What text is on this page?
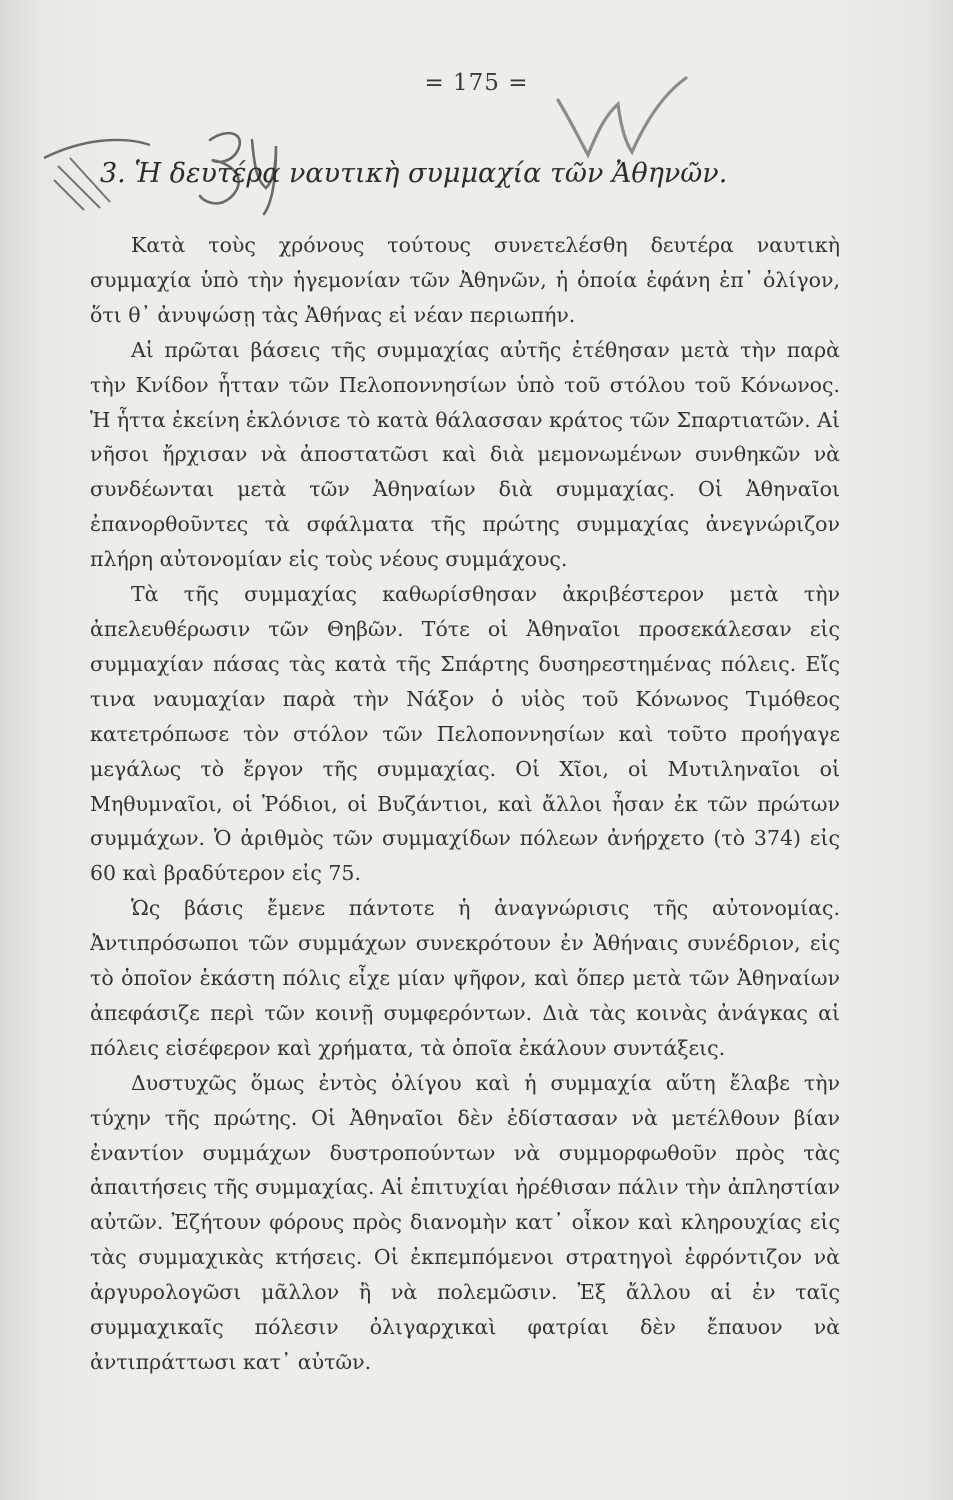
= 175 =
3. Ἡ δευτέρα ναυτικὴ συμμαχία τῶν Ἀθηνῶν.

Κατὰ τοὺς χρόνους τούτους συνετελέσθη δευτέρα ναυτικὴ συμμαχία ὑπὸ τὴν ἡγεμονίαν τῶν Ἀθηνῶν, ἡ ὁποία ἐφάνη ἐπ᾽ ὀλίγον, ὅτι θ᾽ ἀνυψώσῃ τὰς Ἀθήνας εἰ νέαν περιωπήν.

Αἱ πρῶται βάσεις τῆς συμμαχίας αὐτῆς ἐτέθησαν μετὰ τὴν παρὰ τὴν Κνίδον ἧτταν τῶν Πελοποννησίων ὑπὸ τοῦ στόλου τοῦ Κόνωνος. Ἡ ἧττα ἐκείνη ἐκλόνισε τὸ κατὰ θάλασσαν κράτος τῶν Σπαρτιατῶν. Αἱ νῆσοι ἤρχισαν νὰ ἀποστατῶσι καὶ διὰ μεμονωμένων συνθηκῶν νὰ συνδέωνται μετὰ τῶν Ἀθηναίων διὰ συμμαχίας. Οἱ Ἀθηναῖοι ἐπανορθοῦντες τὰ σφάλματα τῆς πρώτης συμμαχίας ἀνεγνώριζον πλήρη αὐτονομίαν εἰς τοὺς νέους συμμάχους.

Τὰ τῆς συμμαχίας καθωρίσθησαν ἀκριβέστερον μετὰ τὴν ἀπελευθέρωσιν τῶν Θηβῶν. Τότε οἱ Ἀθηναῖοι προσεκάλεσαν εἰς συμμαχίαν πάσας τὰς κατὰ τῆς Σπάρτης δυσηρεστημένας πόλεις. Εἴς τινα ναυμαχίαν παρὰ τὴν Νάξον ὁ υἱὸς τοῦ Κόνωνος Τιμόθεος κατετρόπωσε τὸν στόλον τῶν Πελοποννησίων καὶ τοῦτο προήγαγε μεγάλως τὸ ἔργον τῆς συμμαχίας. Οἱ Χῖοι, οἱ Μυτιληναῖοι οἱ Μηθυμναῖοι, οἱ Ῥόδιοι, οἱ Βυζάντιοι, καὶ ἄλλοι ἦσαν ἐκ τῶν πρώτων συμμάχων. Ὁ ἀριθμὸς τῶν συμμαχίδων πόλεων ἀνήρχετο (τὸ 374) εἰς 60 καὶ βραδύτερον εἰς 75.

Ὡς βάσις ἔμενε πάντοτε ἡ ἀναγνώρισις τῆς αὐτονομίας. Ἀντιπρόσωποι τῶν συμμάχων συνεκρότουν ἐν Ἀθήναις συνέδριον, εἰς τὸ ὁποῖον ἑκάστη πόλις εἶχε μίαν ψῆφον, καὶ ὅπερ μετὰ τῶν Ἀθηναίων ἀπεφάσιζε περὶ τῶν κοινῇ συμφερόντων. Διὰ τὰς κοινὰς ἀνάγκας αἱ πόλεις εἰσέφερον καὶ χρήματα, τὰ ὁποῖα ἐκάλουν συντάξεις.

Δυστυχῶς ὅμως ἐντὸς ὀλίγου καὶ ἡ συμμαχία αὕτη ἔλαβε τὴν τύχην τῆς πρώτης. Οἱ Ἀθηναῖοι δὲν ἐδίστασαν νὰ μετέλθουν βίαν ἐναντίον συμμάχων δυστροπούντων νὰ συμμορφωθοῦν πρὸς τὰς ἀπαιτήσεις τῆς συμμαχίας. Αἱ ἐπιτυχίαι ἠρέθισαν πάλιν τὴν ἀπληστίαν αὐτῶν. Ἐζήτουν φόρους πρὸς διανομὴν κατ᾽ οἶκον καὶ κληρουχίας εἰς τὰς συμμαχικὰς κτήσεις. Οἱ ἐκπεμπόμενοι στρατηγοὶ ἐφρόντιζον νὰ ἀργυρολογῶσι μᾶλλον ἢ νὰ πολεμῶσιν. Ἐξ ἄλλου αἱ ἐν ταῖς συμμαχικαῖς πόλεσιν ὀλιγαρχικαὶ φατρίαι δὲν ἔπαυον νὰ ἀντιπράττωσι κατ᾽ αὐτῶν.
